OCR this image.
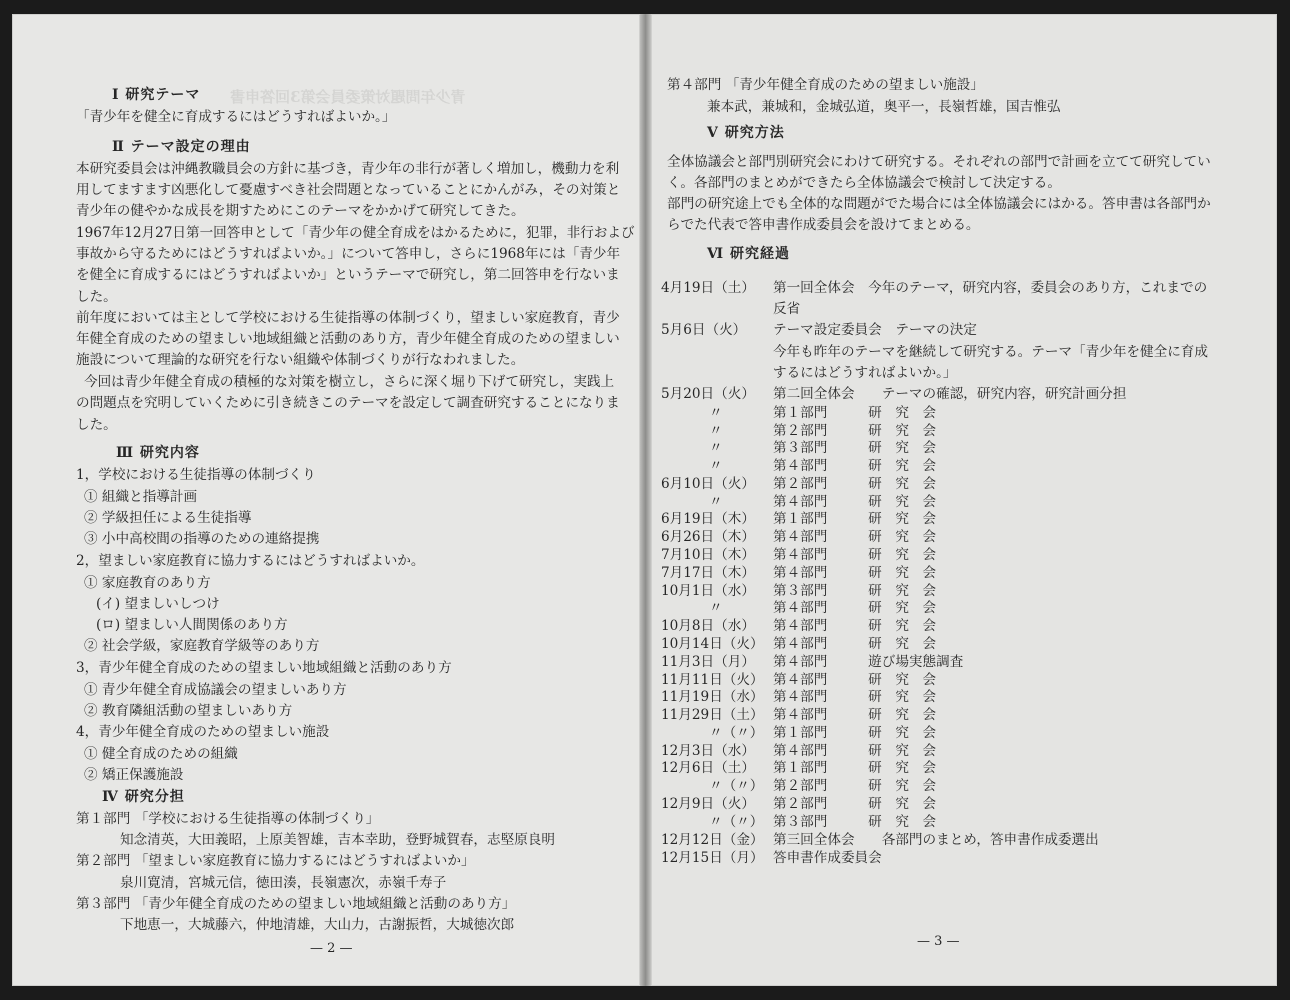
青少年問題対策委員会第3回答申書
Ⅰ 研究テーマ
「青少年を健全に育成するにはどうすればよいか。」
Ⅱ テーマ設定の理由
本研究委員会は沖縄教職員会の方針に基づき，青少年の非行が著しく増加し，機動力を利
用してますます凶悪化して憂慮すべき社会問題となっていることにかんがみ，その対策と
青少年の健やかな成長を期すためにこのテーマをかかげて研究してきた。
1967年12月27日第一回答申として「青少年の健全育成をはかるために，犯罪，非行および
事故から守るためにはどうすればよいか。」について答申し，さらに1968年には「青少年
を健全に育成するにはどうすればよいか」というテーマで研究し，第二回答申を行ないま
した。
前年度においては主として学校における生徒指導の体制づくり，望ましい家庭教育，青少
年健全育成のための望ましい地域組織と活動のあり方，青少年健全育成のための望ましい
施設について理論的な研究を行ない組織や体制づくりが行なわれました。
今回は青少年健全育成の積極的な対策を樹立し，さらに深く堀り下げて研究し，実践上
の問題点を究明していくために引き続きこのテーマを設定して調査研究することになりま
した。
Ⅲ 研究内容
1，学校における生徒指導の体制づくり
① 組織と指導計画
② 学級担任による生徒指導
③ 小中高校間の指導のための連絡提携
2，望ましい家庭教育に協力するにはどうすればよいか。
① 家庭教育のあり方
(イ) 望ましいしつけ
(ロ) 望ましい人間関係のあり方
② 社会学級，家庭教育学級等のあり方
3，青少年健全育成のための望ましい地域組織と活動のあり方
① 青少年健全育成協議会の望ましいあり方
② 教育隣組活動の望ましいあり方
4，青少年健全育成のための望ましい施設
① 健全育成のための組織
② 矯正保護施設
Ⅳ 研究分担
第１部門 「学校における生徒指導の体制づくり」
知念清英，大田義昭，上原美智雄，吉本幸助，登野城賀春，志堅原良明
第２部門 「望ましい家庭教育に協力するにはどうすればよいか」
泉川寛清，宮城元信，徳田湊，長嶺憲次，赤嶺千寿子
第３部門 「青少年健全育成のための望ましい地域組織と活動のあり方」
下地恵一，大城藤六，仲地清雄，大山力，古謝振哲，大城徳次郎
— 2 —
第４部門 「青少年健全育成のための望ましい施設」
兼本武，兼城和，金城弘道，奥平一，長嶺哲雄，国吉惟弘
Ⅴ 研究方法
全体協議会と部門別研究会にわけて研究する。それぞれの部門で計画を立てて研究してい
く。各部門のまとめができたら全体協議会で検討して決定する。
部門の研究途上でも全体的な問題がでた場合には全体協議会にはかる。答申書は各部門か
らでた代表で答申書作成委員会を設けてまとめる。
Ⅵ 研究経過
4月19日（土） 第一回全体会　今年のテーマ，研究内容，委員会のあり方，これまでの
反省
5月6日（火） テーマ設定委員会　テーマの決定
今年も昨年のテーマを継続して研究する。テーマ「青少年を健全に育成
するにはどうすればよいか。」
5月20日（火） 第二回全体会　　テーマの確認，研究内容，研究計画分担
〃	第１部門　　　研　究　会
〃	第２部門　　　研　究　会
〃	第３部門　　　研　究　会
〃	第４部門　　　研　究　会
6月10日（火） 第２部門　　　研　究　会
〃	第４部門　　　研　究　会
6月19日（木） 第１部門　　　研　究　会
6月26日（木） 第４部門　　　研　究　会
7月10日（木） 第４部門　　　研　究　会
7月17日（木） 第４部門　　　研　究　会
10月1日（水） 第３部門　　　研　究　会
〃	第４部門　　　研　究　会
10月8日（水） 第４部門　　　研　究　会
10月14日（火） 第４部門　　　研　究　会
11月3日（月） 第４部門　　　遊び場実態調査
11月11日（火） 第４部門　　　研　究　会
11月19日（水） 第４部門　　　研　究　会
11月29日（土） 第４部門　　　研　究　会
〃（〃） 第１部門　　　研　究　会
12月3日（水） 第４部門　　　研　究　会
12月6日（土） 第１部門　　　研　究　会
〃（〃） 第２部門　　　研　究　会
12月9日（火） 第２部門　　　研　究　会
〃（〃） 第３部門　　　研　究　会
12月12日（金） 第三回全体会　　各部門のまとめ，答申書作成委選出
12月15日（月） 答申書作成委員会
— 3 —
